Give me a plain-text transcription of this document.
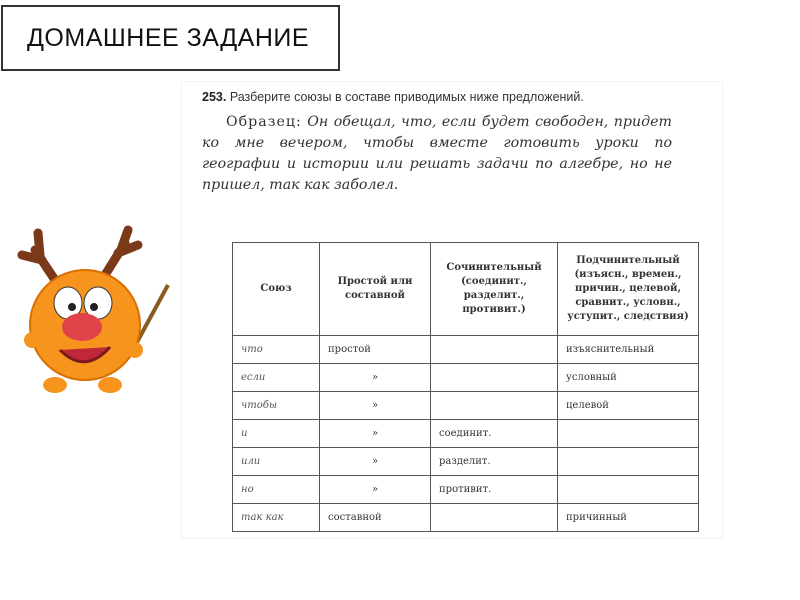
ДОМАШНЕЕ ЗАДАНИЕ
253. Разберите союзы в составе приводимых ниже предложений.
Образец: Он обещал, что, если будет свободен, придет ко мне вечером, чтобы вместе готовить уроки по географии и истории или решать задачи по алгебре, но не пришел, так как заболел.
Союз	Простой или составной	Сочинительный (соединит., разделит., противит.)	Подчинительный (изъясн., времен., причин., целевой, сравнит., условн., уступит., следствия)
что	простой		изъяснительный
если	»		условный
чтобы	»		целевой
и	»	соединит.	
или	»	разделит.	
но	»	противит.	
так как	составной		причинный
